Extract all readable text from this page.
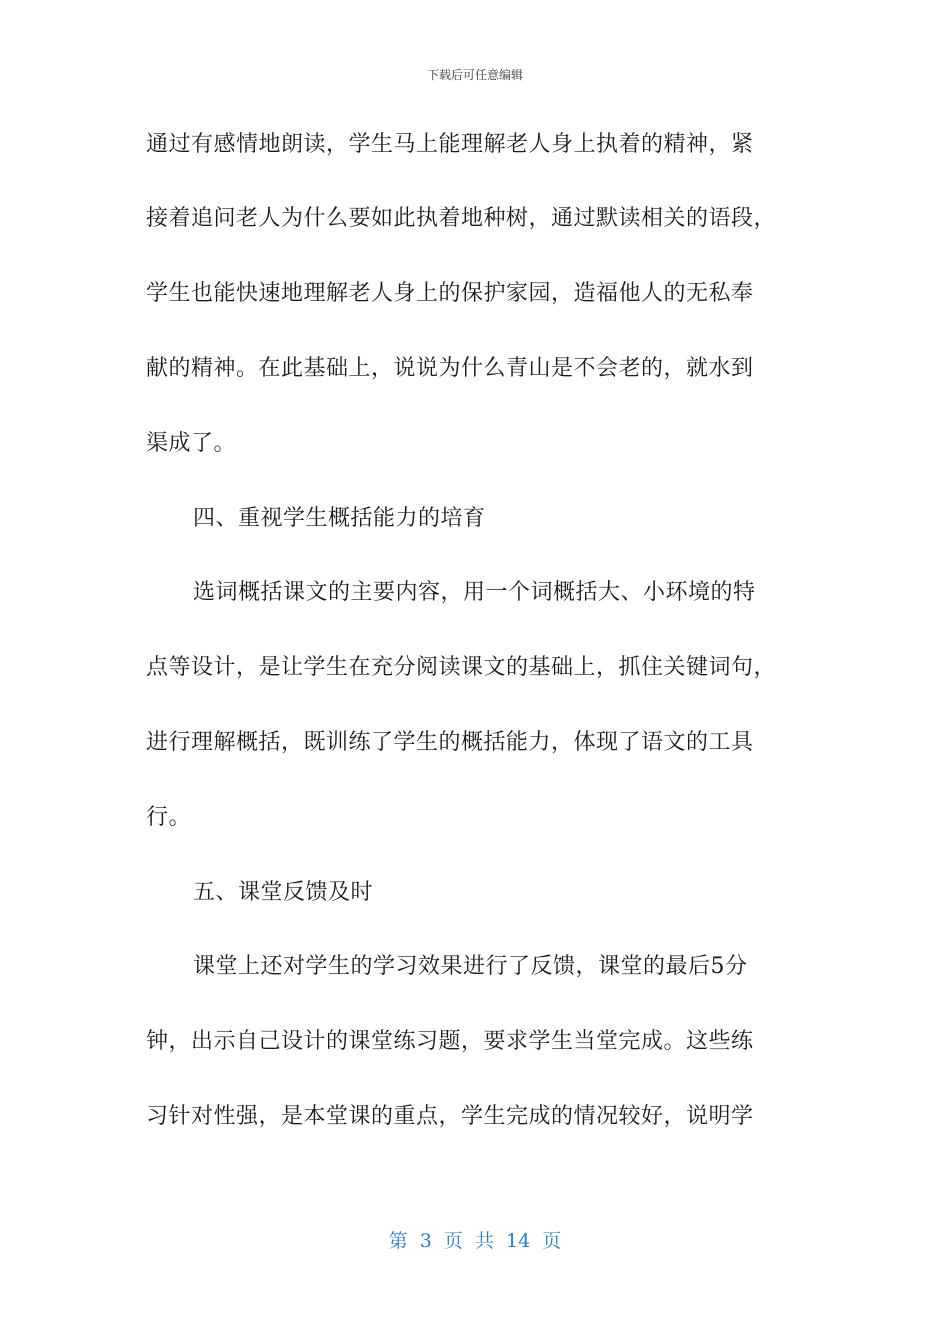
下载后可任意编辑
通过有感情地朗读，学生马上能理解老人身上执着的精神，紧
接着追问老人为什么要如此执着地种树，通过默读相关的语段，
学生也能快速地理解老人身上的保护家园，造福他人的无私奉
献的精神。在此基础上，说说为什么青山是不会老的，就水到
渠成了。
四、重视学生概括能力的培育
选词概括课文的主要内容，用一个词概括大、小环境的特
点等设计，是让学生在充分阅读课文的基础上，抓住关键词句，
进行理解概括，既训练了学生的概括能力，体现了语文的工具
行。
五、课堂反馈及时
课堂上还对学生的学习效果进行了反馈，课堂的最后5分
钟，出示自己设计的课堂练习题，要求学生当堂完成。这些练
习针对性强，是本堂课的重点，学生完成的情况较好，说明学
第 3 页 共 14 页
